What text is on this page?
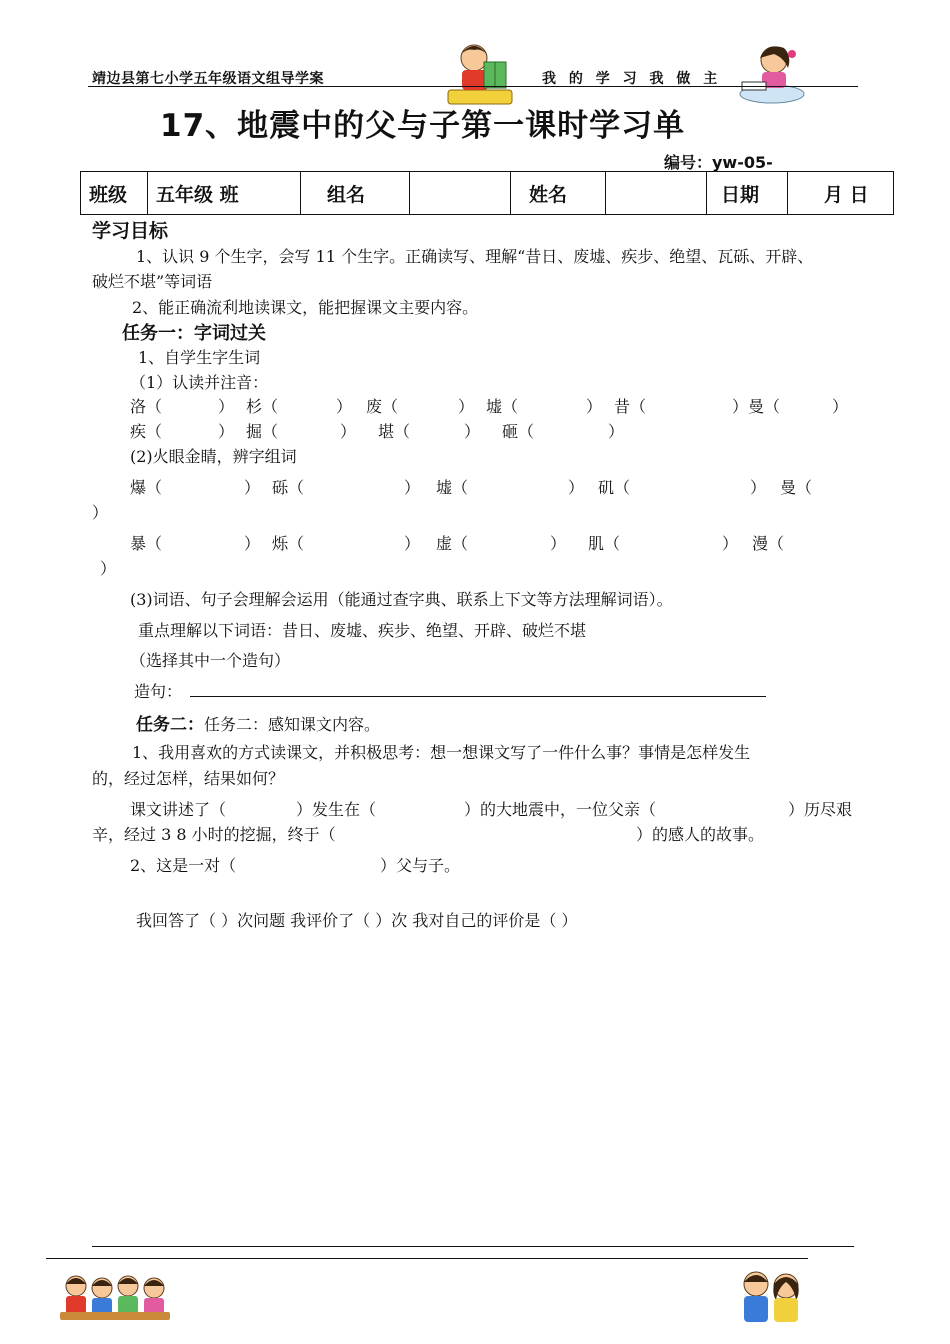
靖边县第七小学五年级语文组导学案	我 的 学 习 我 做 主
17、地震中的父与子第一课时学习单
编号：yw-05-
班级	五年级 班	组名		姓名		日期	月 日
学习目标
1、认识 9 个生字，会写 11 个生字。正确读写、理解“昔日、废墟、疾步、绝望、瓦砾、开辟、
破烂不堪”等词语
2、能正确流利地读课文，能把握课文主要内容。
任务一：字词过关
1、自学生字生词
（1）认读并注音：
洛（	） 杉（	） 废（	） 墟（	） 昔（	）曼（	）
疾（	） 掘（	） 堪（	） 砸（	）
(2)火眼金睛，辨字组词
爆（	） 砾（	） 墟（	） 矶（	） 曼（
）
暴（	） 烁（	） 虚（	） 肌（	） 漫（
）
(3)词语、句子会理解会运用（能通过查字典、联系上下文等方法理解词语）。
重点理解以下词语：昔日、废墟、疾步、绝望、开辟、破烂不堪
（选择其中一个造句）
造句：
任务二：任务二：感知课文内容。
1、我用喜欢的方式读课文，并积极思考：想一想课文写了一件什么事？事情是怎样发生
的，经过怎样，结果如何？
课文讲述了（	）发生在（	）的大地震中，一位父亲（	）历尽艰
辛，经过 3 8 小时的挖掘，终于（	）的感人的故事。
2、这是一对（	）父与子。
我回答了（ ）次问题 我评价了（ ）次 我对自己的评价是（ ）
